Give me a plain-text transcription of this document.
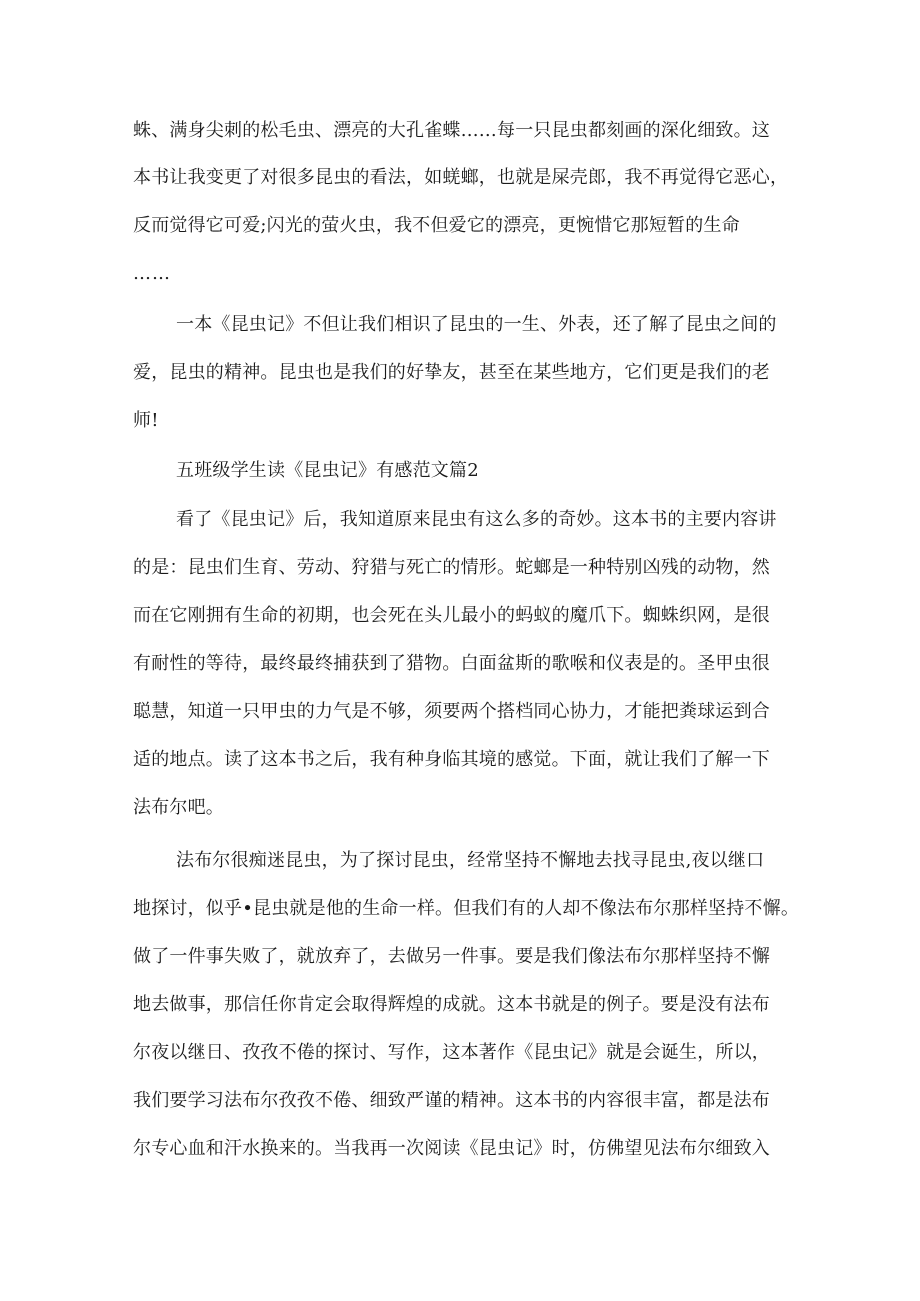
蛛、满身尖刺的松毛虫、漂亮的大孔雀蝶……每一只昆虫都刻画的深化细致。这
本书让我变更了对很多昆虫的看法，如蜣螂，也就是屎壳郎，我不再觉得它恶心，
反而觉得它可爱;闪光的萤火虫，我不但爱它的漂亮，更惋惜它那短暂的生命
……
一本《昆虫记》不但让我们相识了昆虫的一生、外表，还了解了昆虫之间的
爱，昆虫的精神。昆虫也是我们的好挚友，甚至在某些地方，它们更是我们的老
师!
五班级学生读《昆虫记》有感范文篇2
看了《昆虫记》后，我知道原来昆虫有这么多的奇妙。这本书的主要内容讲
的是：昆虫们生育、劳动、狩猎与死亡的情形。蛇螂是一种特别凶残的动物，然
而在它刚拥有生命的初期，也会死在头儿最小的蚂蚁的魔爪下。蜘蛛织网，是很
有耐性的等待，最终最终捕获到了猎物。白面盆斯的歌喉和仪表是的。圣甲虫很
聪慧，知道一只甲虫的力气是不够，须要两个搭档同心协力，才能把粪球运到合
适的地点。读了这本书之后，我有种身临其境的感觉。下面，就让我们了解一下
法布尔吧。
法布尔很痴迷昆虫，为了探讨昆虫，经常坚持不懈地去找寻昆虫,夜以继口
地探讨，似乎•昆虫就是他的生命一样。但我们有的人却不像法布尔那样坚持不懈。
做了一件事失败了，就放弃了，去做另一件事。要是我们像法布尔那样坚持不懈
地去做事，那信任你肯定会取得辉煌的成就。这本书就是的例子。要是没有法布
尔夜以继日、孜孜不倦的探讨、写作，这本著作《昆虫记》就是会诞生，所以，
我们要学习法布尔孜孜不倦、细致严谨的精神。这本书的内容很丰富，都是法布
尔专心血和汗水换来的。当我再一次阅读《昆虫记》时，仿佛望见法布尔细致入
